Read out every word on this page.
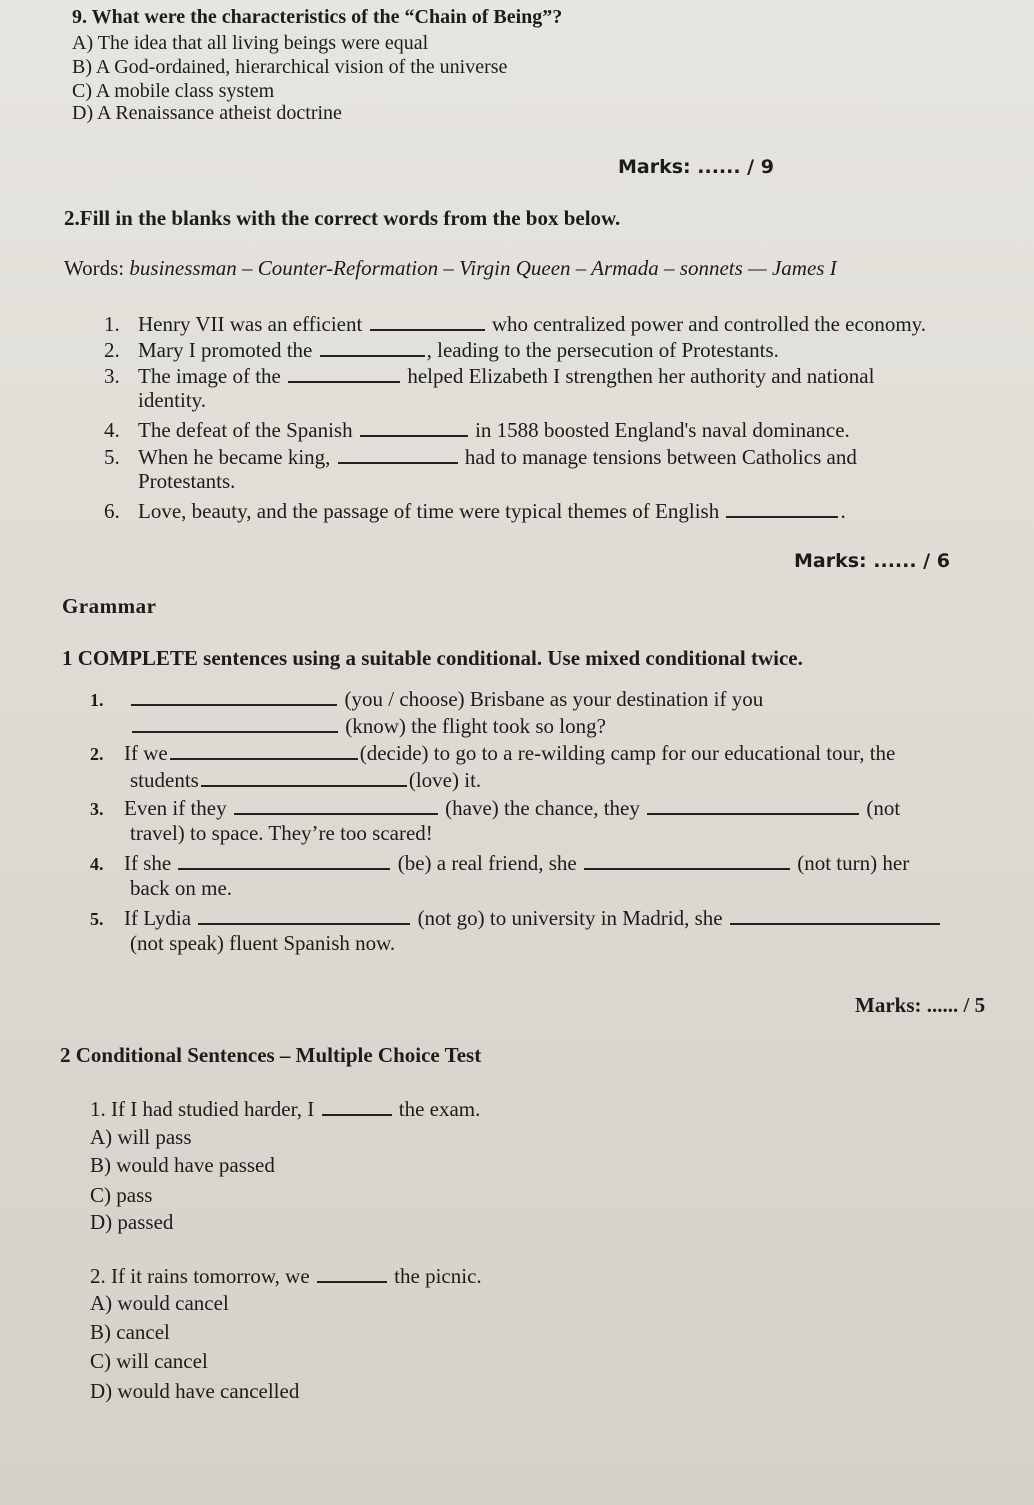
9. What were the characteristics of the “Chain of Being”?
A) The idea that all living beings were equal
B) A God-ordained, hierarchical vision of the universe
C) A mobile class system
D) A Renaissance atheist doctrine
Marks: ...... / 9
2.Fill in the blanks with the correct words from the box below.
Words: businessman – Counter-Reformation – Virgin Queen – Armada – sonnets — James I
1. Henry VII was an efficient	who centralized power and controlled the economy.
2. Mary I promoted the	, leading to the persecution of Protestants.
3. The image of the	helped Elizabeth I strengthen her authority and national
identity.
4. The defeat of the Spanish	in 1588 boosted England's naval dominance.
5. When he became king,	had to manage tensions between Catholics and
Protestants.
6. Love, beauty, and the passage of time were typical themes of English	.
Marks: ...... / 6
Grammar
1 COMPLETE sentences using a suitable conditional. Use mixed conditional twice.
1.	(you / choose) Brisbane as your destination if you
(know) the flight took so long?
2. If we	(decide) to go to a re-wilding camp for our educational tour, the
students	(love) it.
3. Even if they	(have) the chance, they	(not
travel) to space. They’re too scared!
4. If she	(be) a real friend, she	(not turn) her
back on me.
5. If Lydia	(not go) to university in Madrid, she
(not speak) fluent Spanish now.
Marks: ...... / 5
2 Conditional Sentences – Multiple Choice Test
1. If I had studied harder, I	the exam.
A) will pass
B) would have passed
C) pass
D) passed
2. If it rains tomorrow, we	the picnic.
A) would cancel
B) cancel
C) will cancel
D) would have cancelled
